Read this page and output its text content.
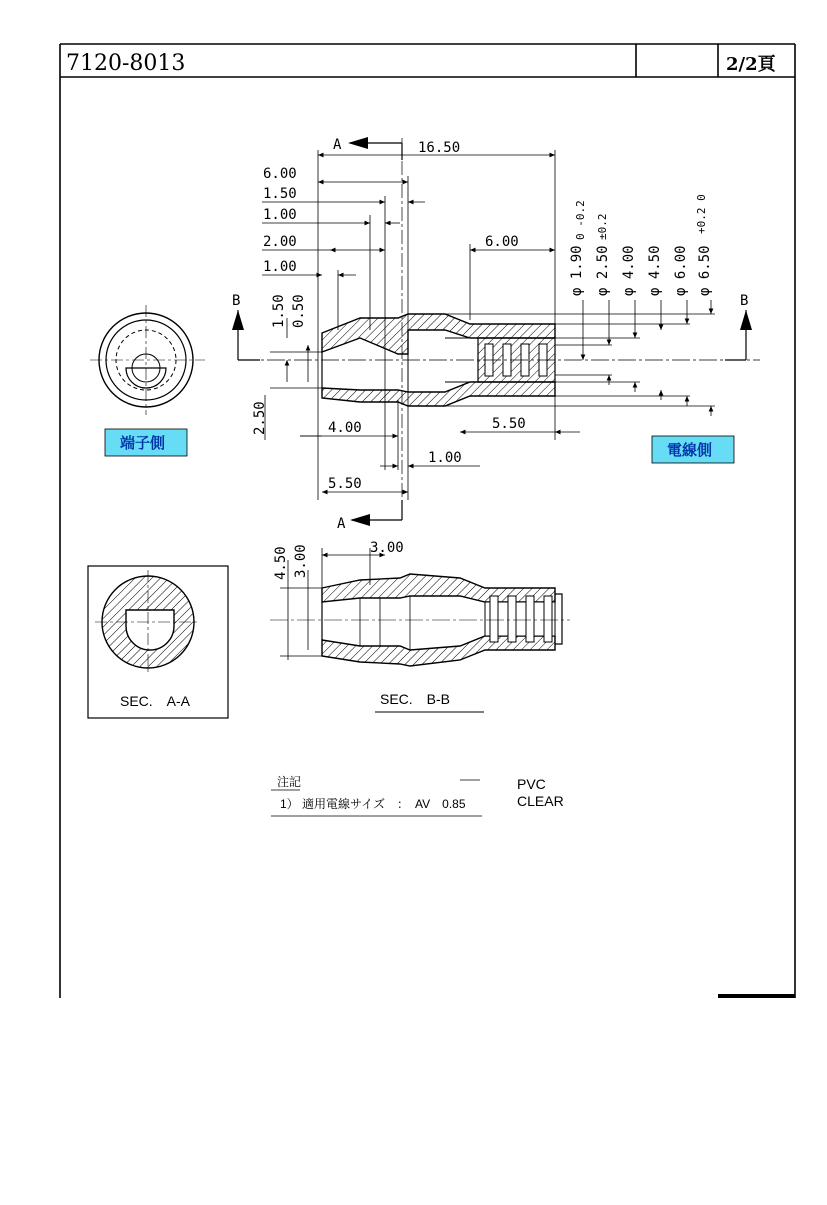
7120-8013	2/2頁
16.50
6.00
1.50
1.00
2.00
1.00
6.00
4.00
1.00
5.50
5.50
1.50 0.50
2.50
φ 1.90
0 -0.2
φ 2.50
±0.2
φ 4.00 φ 4.50 φ 6.00 φ 6.50
+0.2 0
A
A
B	B
端子側	電線側
SEC.　A-A
3.00
4.50 3.00
SEC.　B-B
注記
1） 適用電線サイズ　：　AV　0.85
PVC
CLEAR
